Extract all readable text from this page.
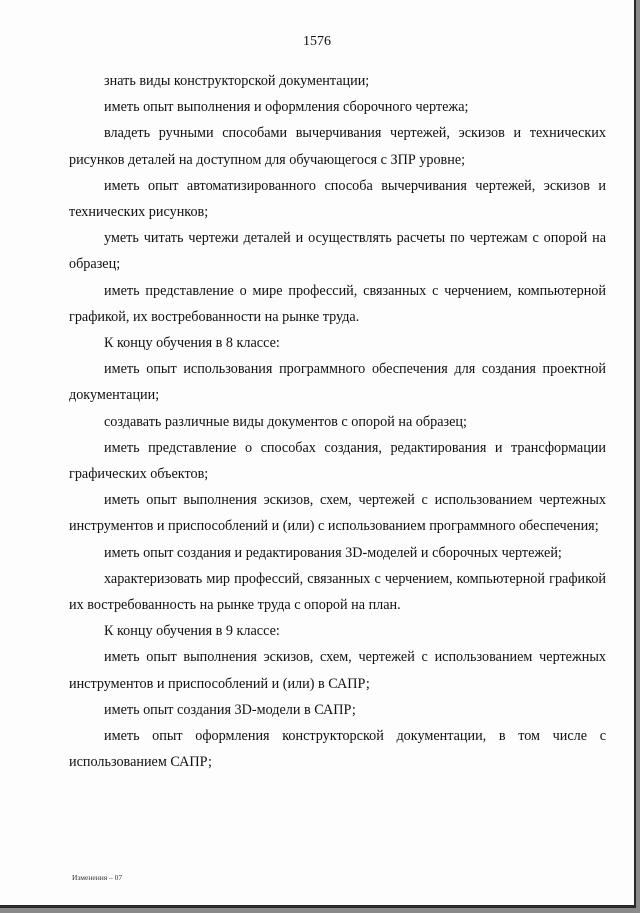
1576

знать виды конструкторской документации;

иметь опыт выполнения и оформления сборочного чертежа;

владеть ручными способами вычерчивания чертежей, эскизов и технических рисунков деталей на доступном для обучающегося с ЗПР уровне;

иметь опыт автоматизированного способа вычерчивания чертежей, эскизов и технических рисунков;

уметь читать чертежи деталей и осуществлять расчеты по чертежам с опорой на образец;

иметь представление о мире профессий, связанных с черчением, компьютерной графикой, их востребованности на рынке труда.

К концу обучения в 8 классе:

иметь опыт использования программного обеспечения для создания проектной документации;

создавать различные виды документов с опорой на образец;

иметь представление о способах создания, редактирования и трансформации графических объектов;

иметь опыт выполнения эскизов, схем, чертежей с использованием чертежных инструментов и приспособлений и (или) с использованием программного обеспечения;

иметь опыт создания и редактирования 3D-моделей и сборочных чертежей;

характеризовать мир профессий, связанных с черчением, компьютерной графикой их востребованность на рынке труда с опорой на план.

К концу обучения в 9 классе:

иметь опыт выполнения эскизов, схем, чертежей с использованием чертежных инструментов и приспособлений и (или) в САПР;

иметь опыт создания 3D-модели в САПР;

иметь опыт оформления конструкторской документации, в том числе с использованием САПР;

Изменения – 07
